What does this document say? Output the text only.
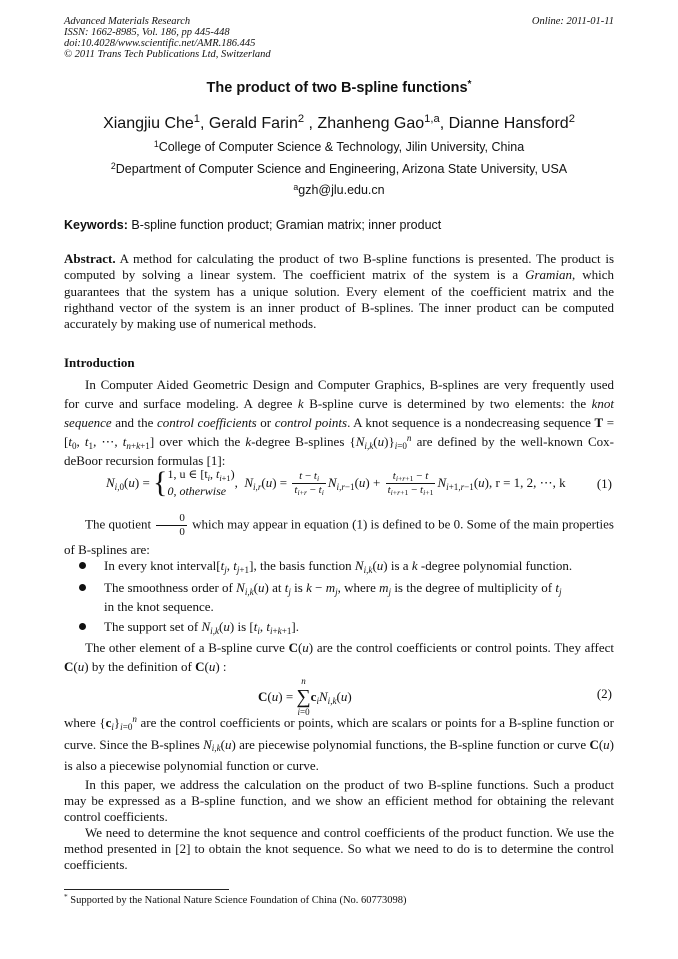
Advanced Materials Research
ISSN: 1662-8985, Vol. 186, pp 445-448
doi:10.4028/www.scientific.net/AMR.186.445
© 2011 Trans Tech Publications Ltd, Switzerland
Online: 2011-01-11
The product of two B-spline functions*
Xiangjiu Che$^1$, Gerald Farin$^2$ , Zhanheng Gao$^{1,a}$, Dianne Hansford$^2$
$^1$College of Computer Science & Technology, Jilin University, China
$^2$Department of Computer Science and Engineering, Arizona State University, USA
$^a$gzh@jlu.edu.cn
Keywords: B-spline function product; Gramian matrix; inner product
Abstract. A method for calculating the product of two B-spline functions is presented. The product is computed by solving a linear system. The coefficient matrix of the system is a Gramian, which guarantees that the system has a unique solution. Every element of the coefficient matrix and the righthand vector of the system is an inner product of B-splines. The inner product can be computed accurately by making use of numerical methods.
Introduction
In Computer Aided Geometric Design and Computer Graphics, B-splines are very frequently used for curve and surface modeling. A degree k B-spline curve is determined by two elements: the knot sequence and the control coefficients or control points. A knot sequence is a nondecreasing sequence $T = [t_0$, $t_1$, ⋯, $t_{n+k+1}$] over which the k-degree B-splines $\{N_{i,k}(u)\}_{i=0}^n$ are defined by the well-known Cox-deBoor recursion formulas [1]:
$N_{i,0}(u) = \{1$, u ∈ [$t_i$, $t_{i+1}$)
0, otherwise,  $N_{i,r}(u) = \frac{t - t_i}{t_{i+r} - t_i} N_{i,r-1}(u) + \frac{t_{i+r+1} - t}{t_{i+r+1} - t_{i+1}} N_{i+1,r-1}(u)$, r = 1, 2, ⋯, k (1)
The quotient $\frac{0}{0}$ which may appear in equation (1) is defined to be 0. Some of the main properties of B-splines are:
In every knot $interval[t_j$, $t_{j+1}$], the basis function $N_{i,k}(u)$ is a k -degree polynomial function.
The smoothness order of $N_{i,k}(u)$ at $t_j$ is $k - m_j$, where $m_j$ is the degree of multiplicity of $t_j$
in the knot sequence.
The support set of $N_{i,k}(u)$ is [$t_i$, $t_{i+k+1}$].
The other element of a B-spline curve C(u) are the control coefficients or control points. They affect C(u) by the definition of C(u) :
C(u) =
n
∑
i=0
$c_iN_{i,k}(u)$	(2)
where $\{c_i\}_{i=0}^n$ are the control coefficients or points, which are scalars or points for a B-spline function or curve. Since the B-splines $N_{i,k}(u)$ are piecewise polynomial functions, the B-spline function or curve C(u) is also a piecewise polynomial function or curve.
In this paper, we address the calculation on the product of two B-spline functions. Such a product may be expressed as a B-spline function, and we show an efficient method for obtaining the relevant control coefficients.
We need to determine the knot sequence and control coefficients of the product function. We use the method presented in [2] to obtain the knot sequence. So what we need to do is to determine the control coefficients.
* Supported by the National Nature Science Foundation of China (No. 60773098)
